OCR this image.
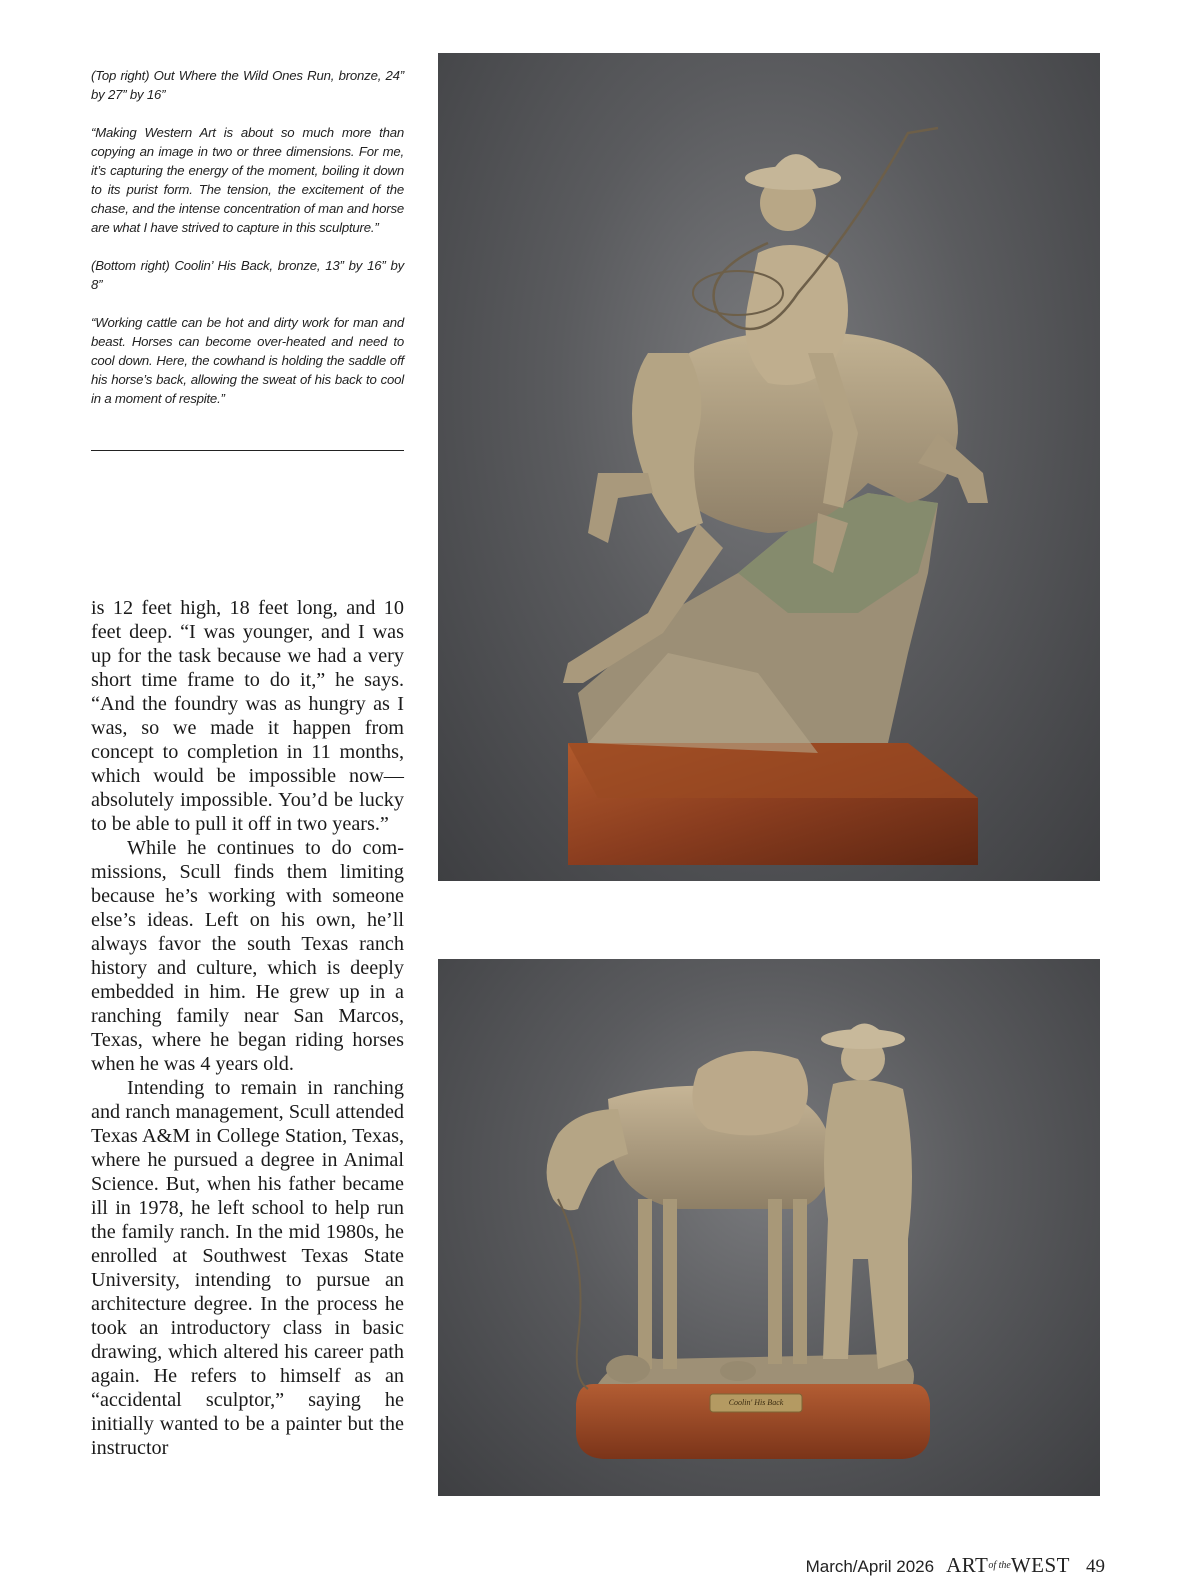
(Top right) Out Where the Wild Ones Run, bronze, 24” by 27” by 16”

“Making Western Art is about so much more than copying an image in two or three dimensions. For me, it’s capturing the energy of the moment, boiling it down to its purist form. The tension, the excitement of the chase, and the intense concentration of man and horse are what I have strived to capture in this sculpture.”

(Bottom right) Coolin’ His Back, bronze, 13” by 16” by 8”

“Working cattle can be hot and dirty work for man and beast. Horses can become over-heated and need to cool down. Here, the cowhand is holding the saddle off his horse’s back, allowing the sweat of his back to cool in a moment of respite.”

is 12 feet high, 18 feet long, and 10 feet deep. “I was younger, and I was up for the task because we had a very short time frame to do it,” he says. “And the foundry was as hungry as I was, so we made it happen from concept to completion in 11 months, which would be impossible now—absolutely impossible. You’d be lucky to be able to pull it off in two years.”

While he continues to do commissions, Scull finds them limiting because he’s working with someone else’s ideas. Left on his own, he’ll always favor the south Texas ranch history and culture, which is deeply embedded in him. He grew up in a ranching family near San Marcos, Texas, where he began riding horses when he was 4 years old.

Intending to remain in ranching and ranch management, Scull attended Texas A&M in College Station, Texas, where he pursued a degree in Animal Science. But, when his father became ill in 1978, he left school to help run the family ranch. In the mid 1980s, he enrolled at Southwest Texas State University, intending to pursue an architecture degree. In the process he took an introductory class in basic drawing, which altered his career path again. He refers to himself as an “accidental sculptor,” saying he initially wanted to be a painter but the instructor

Coolin' His Back
March/April 2026 ARTof theWEST 49
